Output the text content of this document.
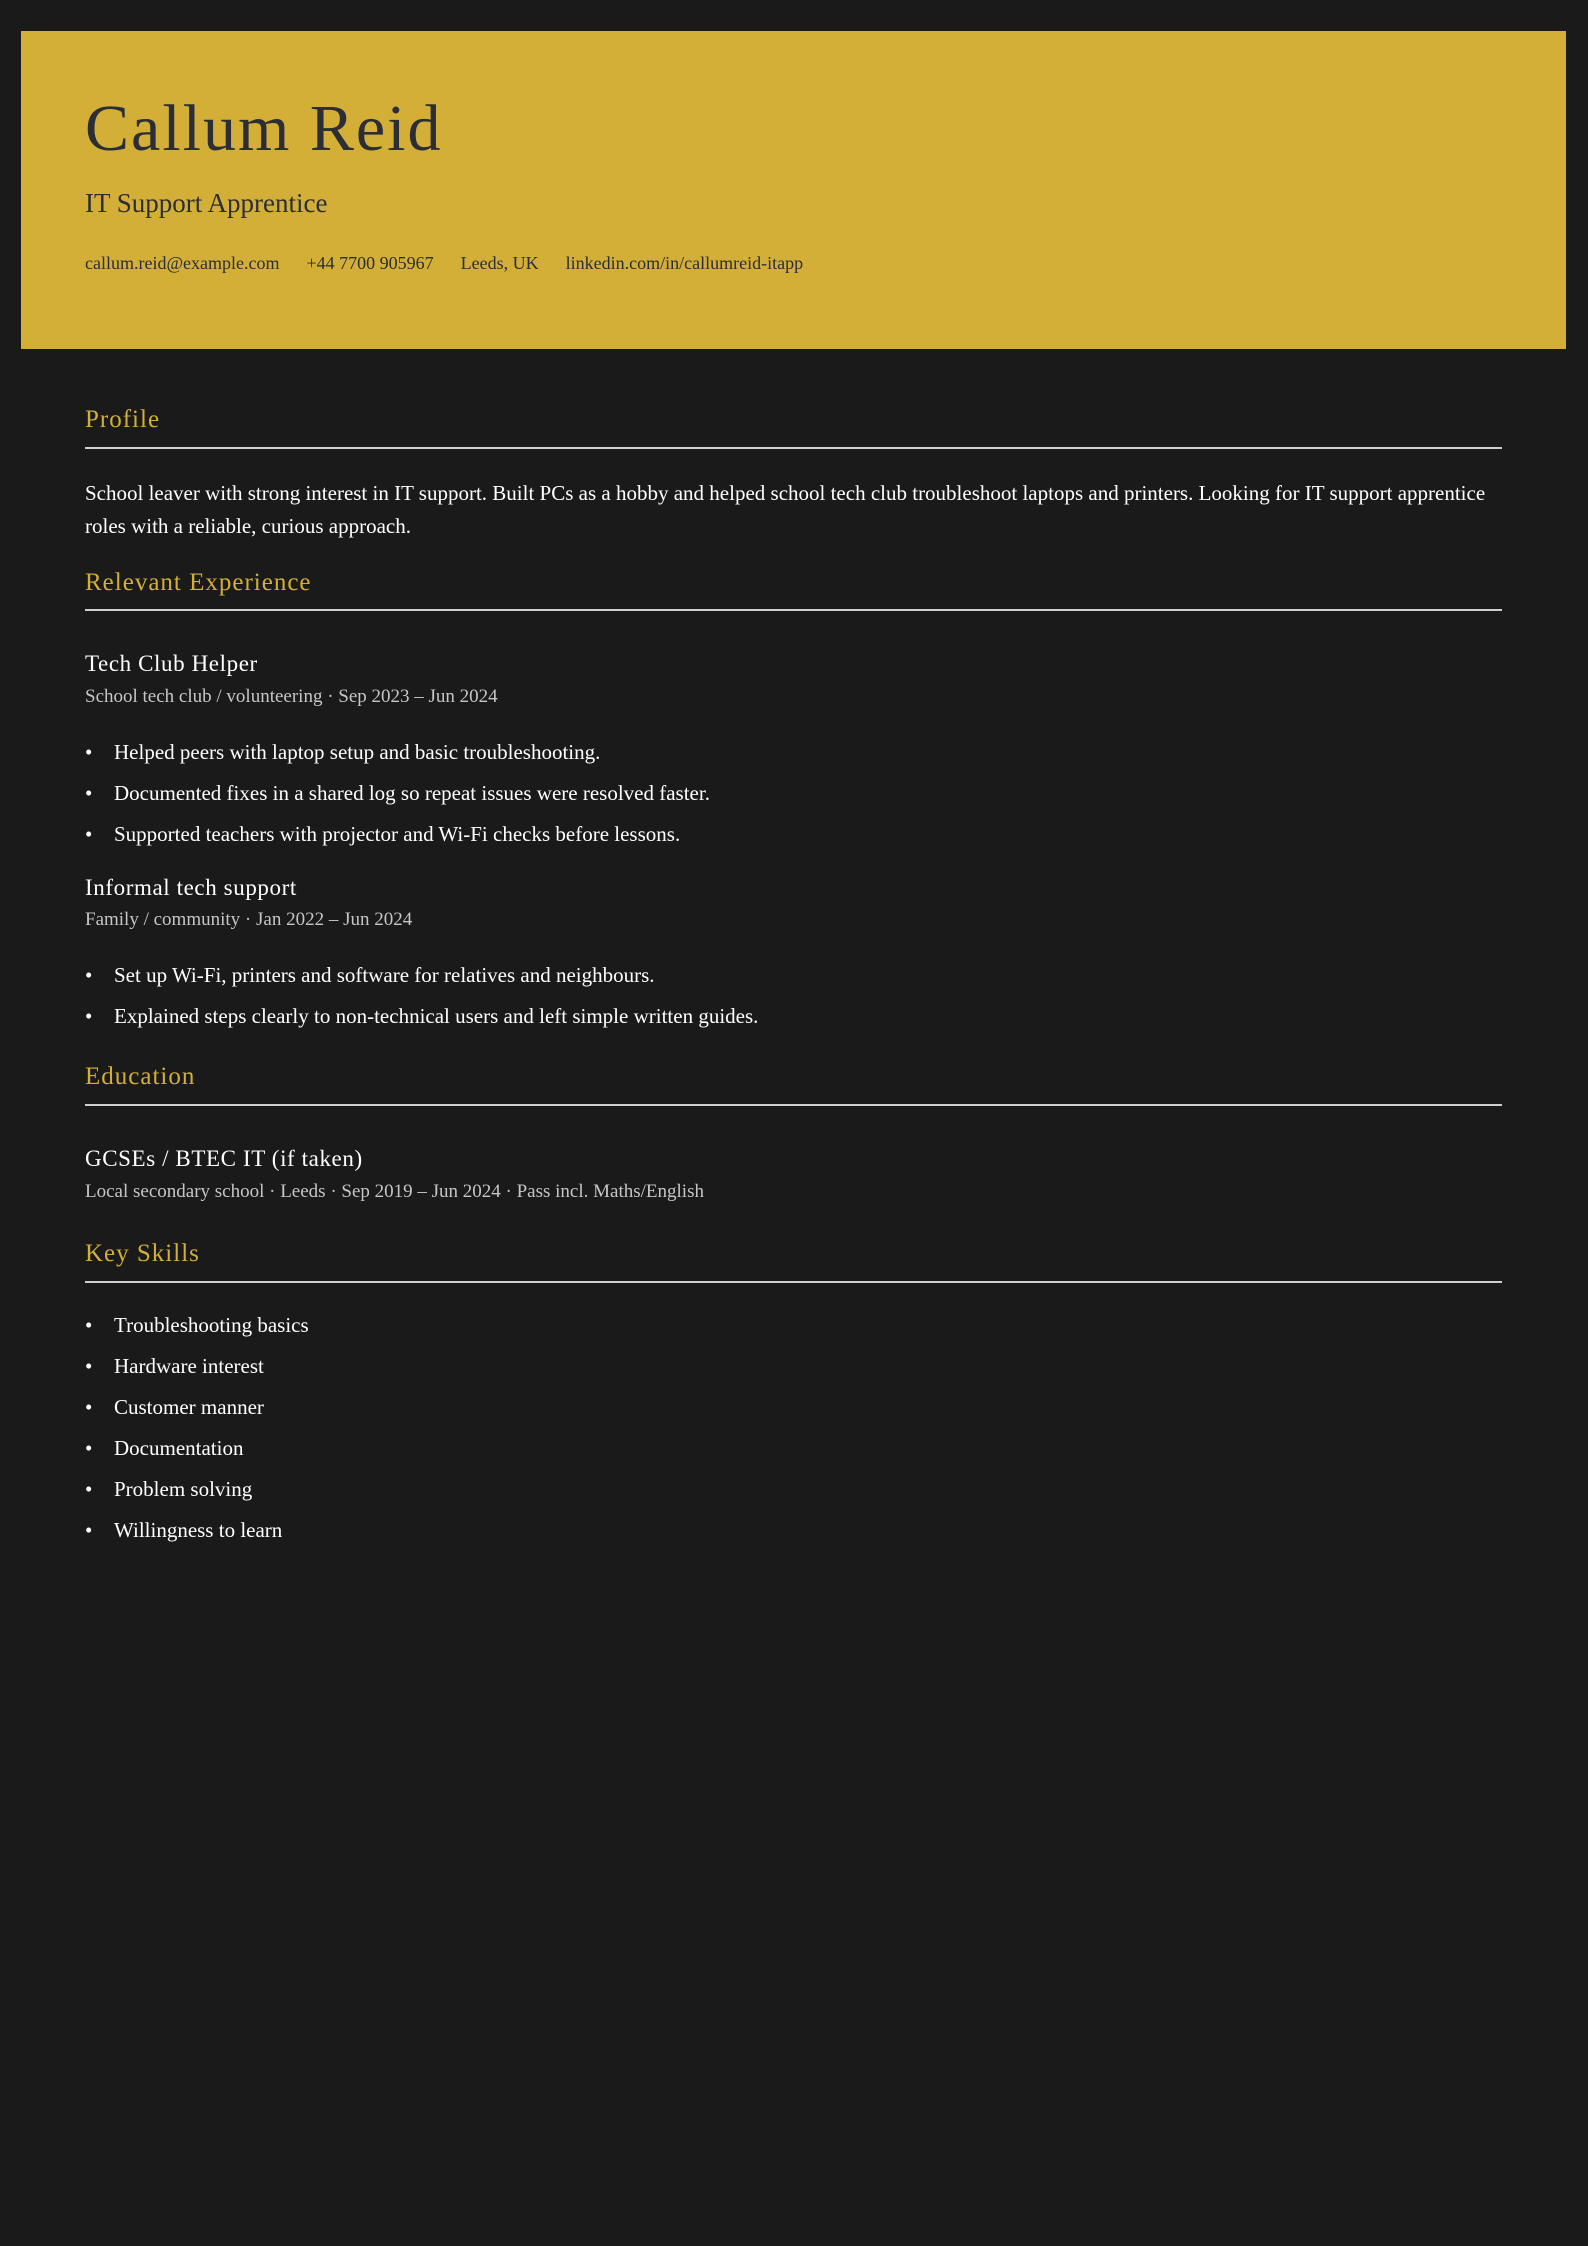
Callum Reid
IT Support Apprentice
callum.reid@example.com +44 7700 905967 Leeds, UK linkedin.com/in/callumreid-itapp
Profile

School leaver with strong interest in IT support. Built PCs as a hobby and helped school tech club troubleshoot laptops and printers. Looking for IT support apprentice roles with a reliable, curious approach.

Relevant Experience
Tech Club Helper
School tech club / volunteering · Sep 2023 – Jun 2024
• Helped peers with laptop setup and basic troubleshooting.
• Documented fixes in a shared log so repeat issues were resolved faster.
• Supported teachers with projector and Wi-Fi checks before lessons.
Informal tech support
Family / community · Jan 2022 – Jun 2024
• Set up Wi-Fi, printers and software for relatives and neighbours.
• Explained steps clearly to non-technical users and left simple written guides.
Education
GCSEs / BTEC IT (if taken)
Local secondary school · Leeds · Sep 2019 – Jun 2024 · Pass incl. Maths/English
Key Skills
• Troubleshooting basics
• Hardware interest
• Customer manner
• Documentation
• Problem solving
• Willingness to learn
